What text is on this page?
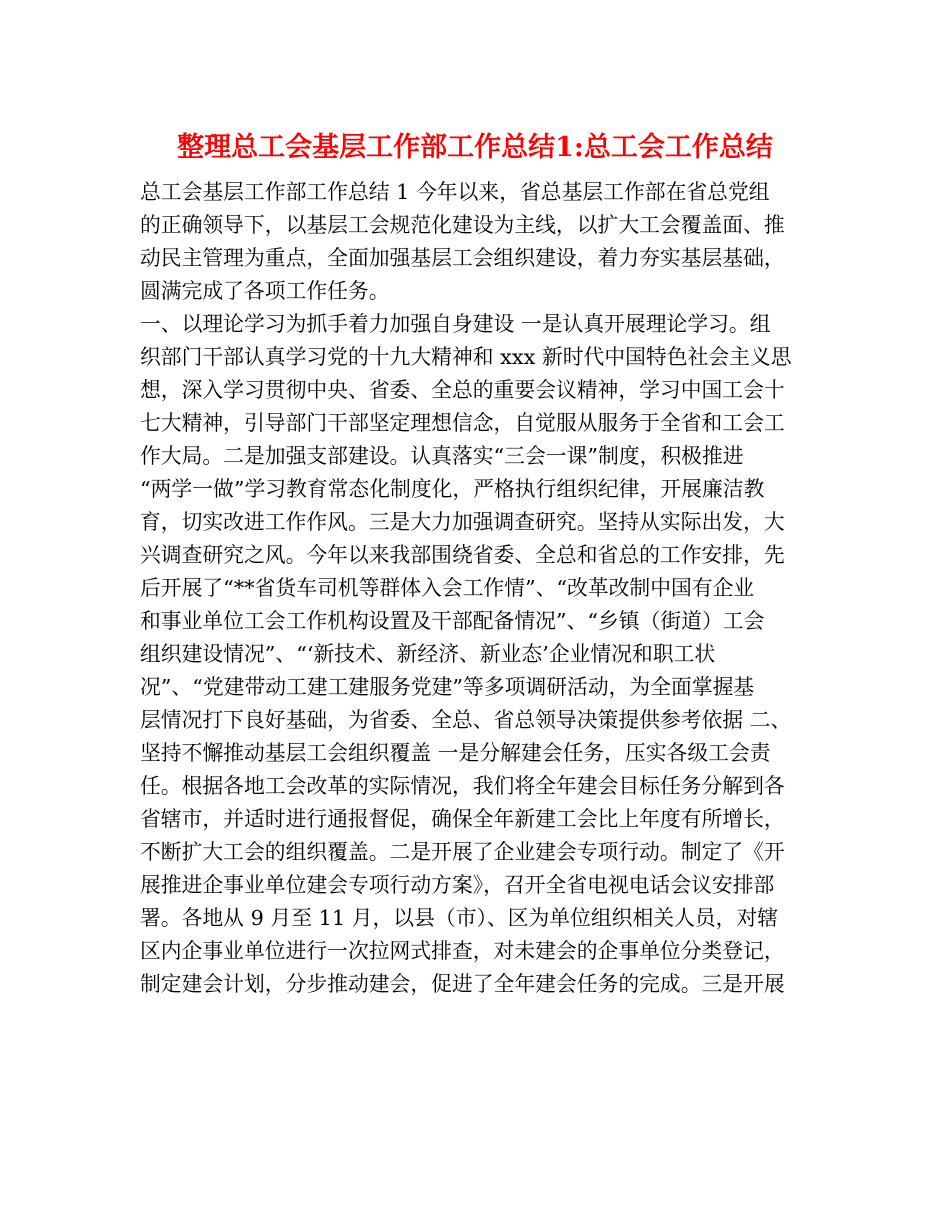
整理总工会基层工作部工作总结1:总工会工作总结

总工会基层工作部工作总结 1 今年以来，省总基层工作部在省总党组

的正确领导下，以基层工会规范化建设为主线，以扩大工会覆盖面、推

动民主管理为重点，全面加强基层工会组织建设，着力夯实基层基础，

圆满完成了各项工作任务。

一、以理论学习为抓手着力加强自身建设 一是认真开展理论学习。组

织部门干部认真学习党的十九大精神和 xxx 新时代中国特色社会主义思

想，深入学习贯彻中央、省委、全总的重要会议精神，学习中国工会十

七大精神，引导部门干部坚定理想信念，自觉服从服务于全省和工会工

作大局。二是加强支部建设。认真落实“三会一课”制度，积极推进

“两学一做”学习教育常态化制度化，严格执行组织纪律，开展廉洁教

育，切实改进工作作风。三是大力加强调查研究。坚持从实际出发，大

兴调查研究之风。今年以来我部围绕省委、全总和省总的工作安排，先

后开展了“**省货车司机等群体入会工作情”、“改革改制中国有企业

和事业单位工会工作机构设置及干部配备情况”、“乡镇（街道）工会

组织建设情况”、“‘新技术、新经济、新业态’企业情况和职工状

况”、“党建带动工建工建服务党建”等多项调研活动，为全面掌握基

层情况打下良好基础，为省委、全总、省总领导决策提供参考依据 二、

坚持不懈推动基层工会组织覆盖 一是分解建会任务，压实各级工会责

任。根据各地工会改革的实际情况，我们将全年建会目标任务分解到各

省辖市，并适时进行通报督促，确保全年新建工会比上年度有所增长，

不断扩大工会的组织覆盖。二是开展了企业建会专项行动。制定了《开

展推进企事业单位建会专项行动方案》，召开全省电视电话会议安排部

署。各地从 9 月至 11 月，以县（市）、区为单位组织相关人员，对辖

区内企事业单位进行一次拉网式排查，对未建会的企事单位分类登记，

制定建会计划，分步推动建会，促进了全年建会任务的完成。三是开展
